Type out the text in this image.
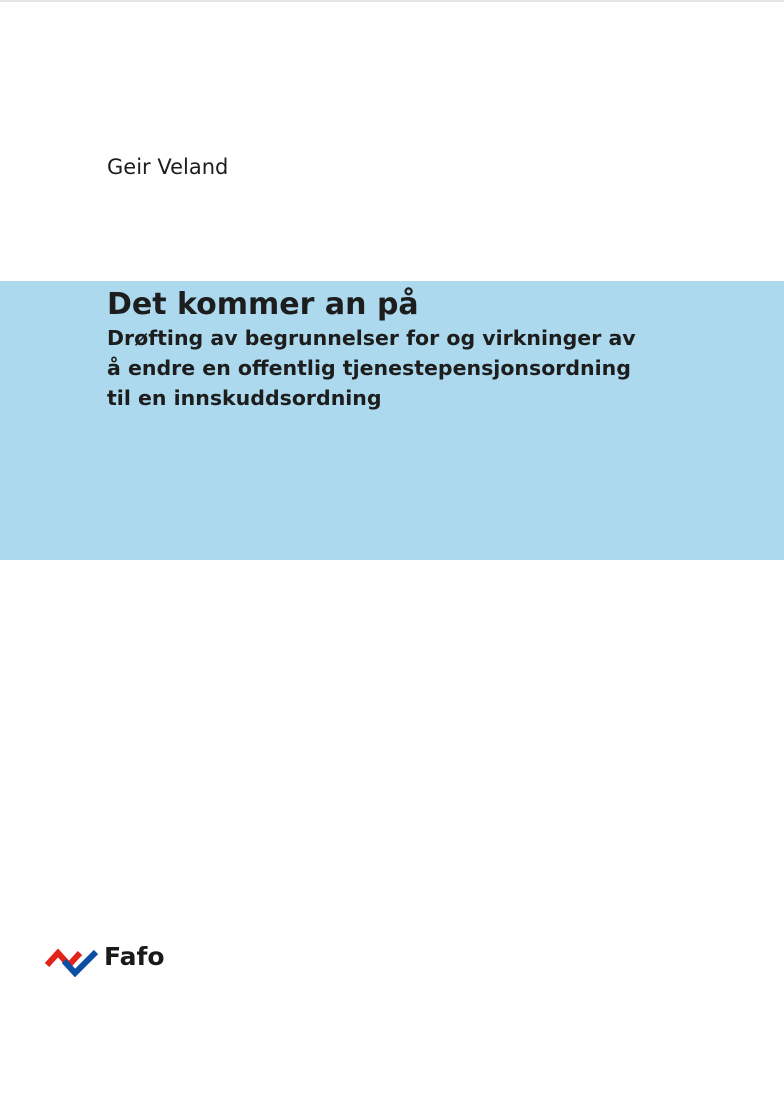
Geir Veland
Det kommer an på
Drøfting av begrunnelser for og virkninger av
å endre en offentlig tjenestepensjonsordning
til en innskuddsordning
Fafo
